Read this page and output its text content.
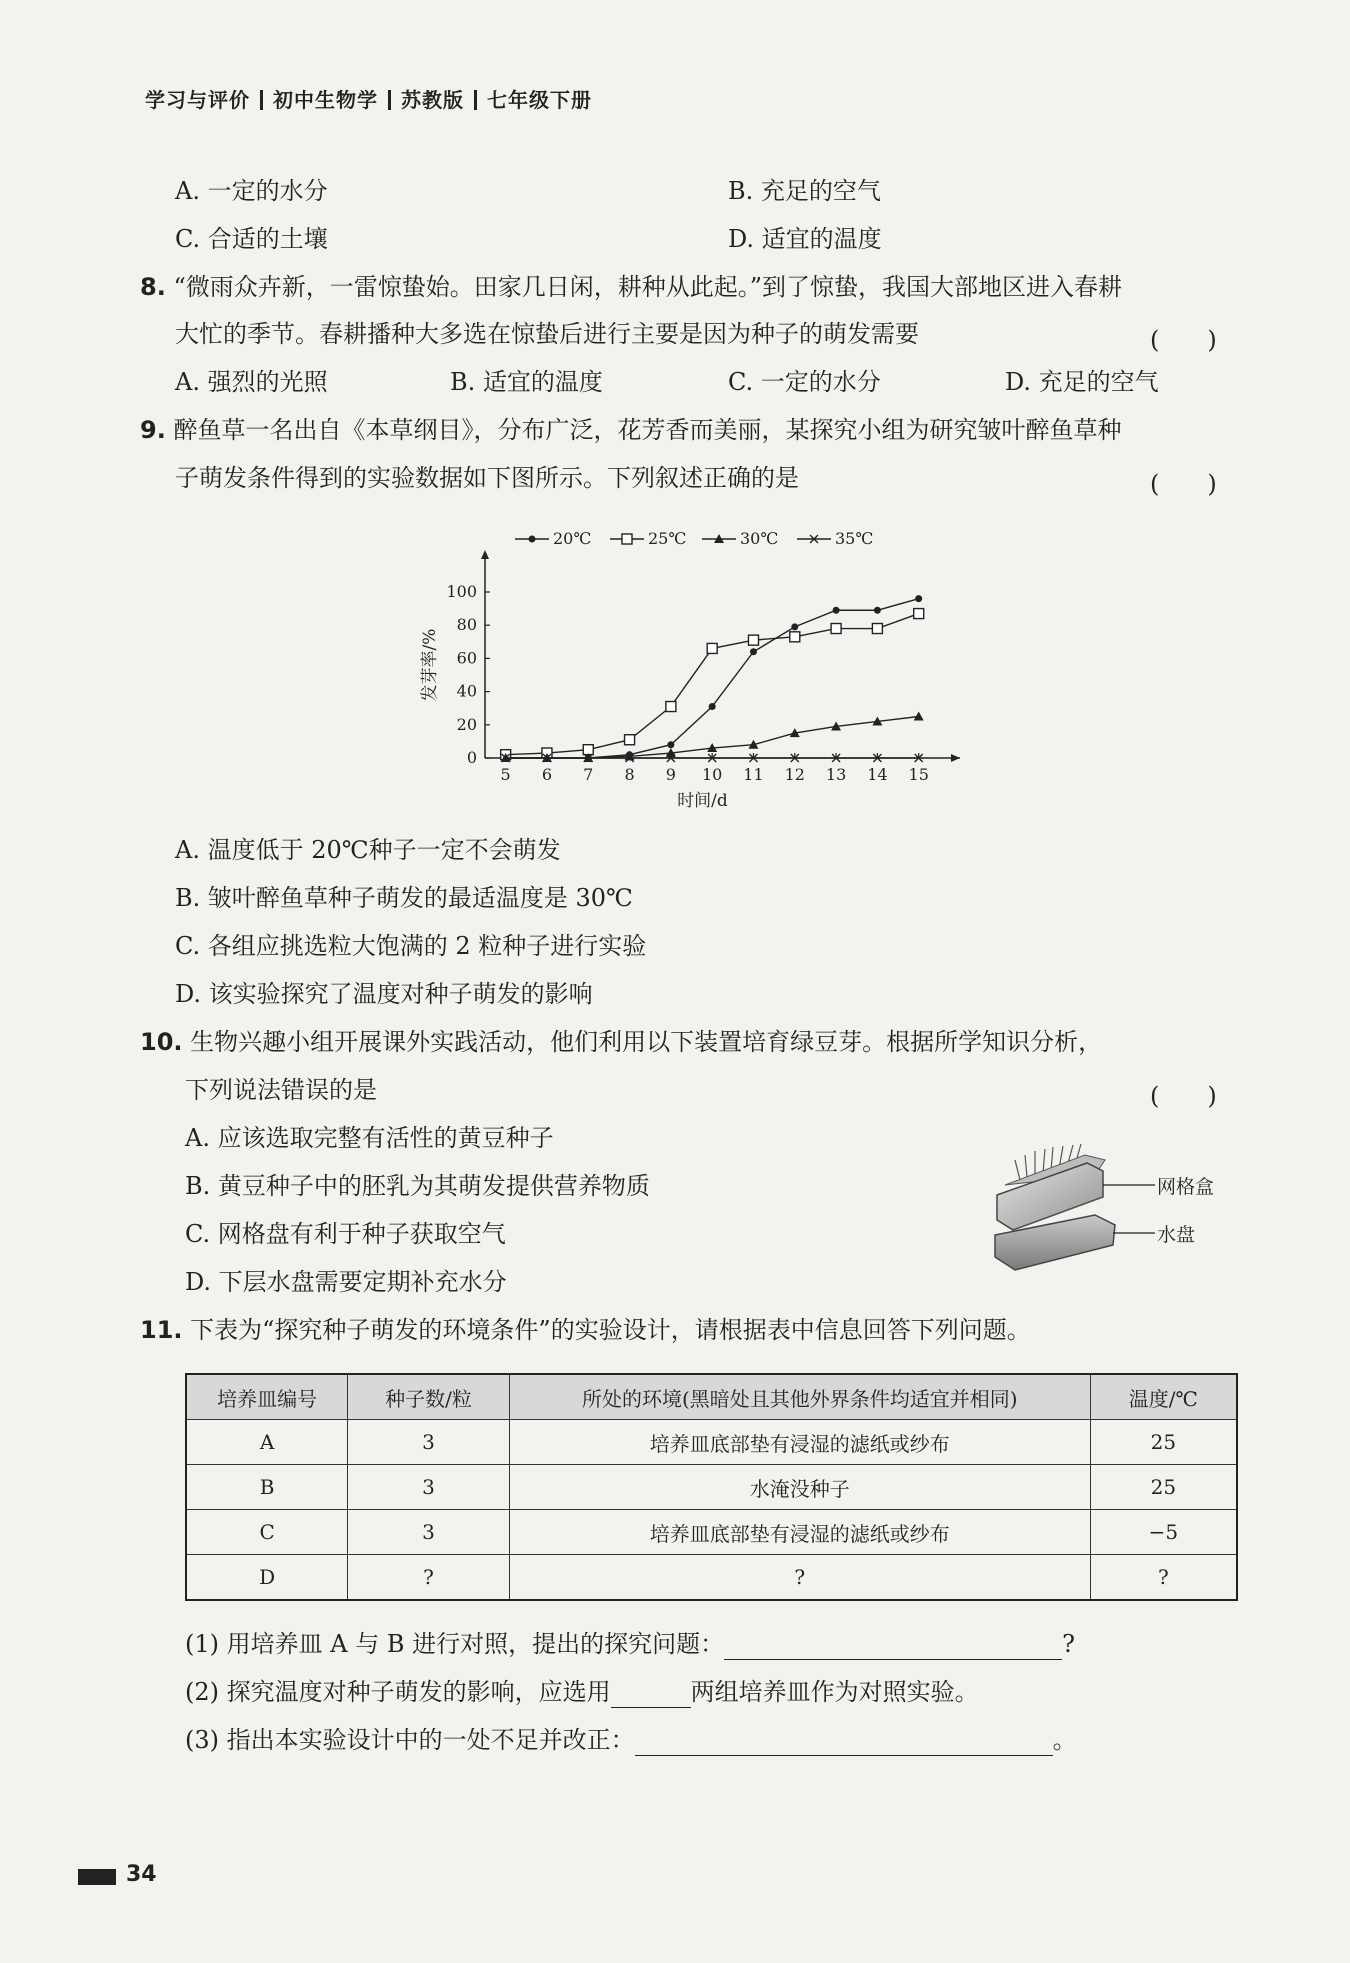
学习与评价 初中生物学 苏教版 七年级下册
A. 一定的水分	B. 充足的空气
C. 合适的土壤	D. 适宜的温度
8. “微雨众卉新，一雷惊蛰始。田家几日闲，耕种从此起。”到了惊蛰，我国大部地区进入春耕
大忙的季节。春耕播种大多选在惊蛰后进行主要是因为种子的萌发需要	(　　)
A. 强烈的光照	B. 适宜的温度	C. 一定的水分	D. 充足的空气
9. 醉鱼草一名出自《本草纲目》，分布广泛，花芳香而美丽，某探究小组为研究皱叶醉鱼草种
子萌发条件得到的实验数据如下图所示。下列叙述正确的是	(　　)
0
20
40
60
80
100
5 6 7 8 9 10 11 12 13 14 15
时间/d
发芽率/%
20℃	25℃	30℃	35℃
A. 温度低于 20℃种子一定不会萌发
B. 皱叶醉鱼草种子萌发的最适温度是 30℃
C. 各组应挑选粒大饱满的 2 粒种子进行实验
D. 该实验探究了温度对种子萌发的影响
10. 生物兴趣小组开展课外实践活动，他们利用以下装置培育绿豆芽。根据所学知识分析，
下列说法错误的是	(　　)
A. 应该选取完整有活性的黄豆种子
B. 黄豆种子中的胚乳为其萌发提供营养物质
C. 网格盘有利于种子获取空气
D. 下层水盘需要定期补充水分
网格盒
水盘
11. 下表为“探究种子萌发的环境条件”的实验设计，请根据表中信息回答下列问题。
培养皿编号	种子数/粒	所处的环境(黑暗处且其他外界条件均适宜并相同)	温度/℃
A	3	培养皿底部垫有浸湿的滤纸或纱布	25
B	3	水淹没种子	25
C	3	培养皿底部垫有浸湿的滤纸或纱布	−5
D	?	?	?
(1) 用培养皿 A 与 B 进行对照，提出的探究问题：	?
(2) 探究温度对种子萌发的影响，应选用	两组培养皿作为对照实验。
(3) 指出本实验设计中的一处不足并改正：	。
34
